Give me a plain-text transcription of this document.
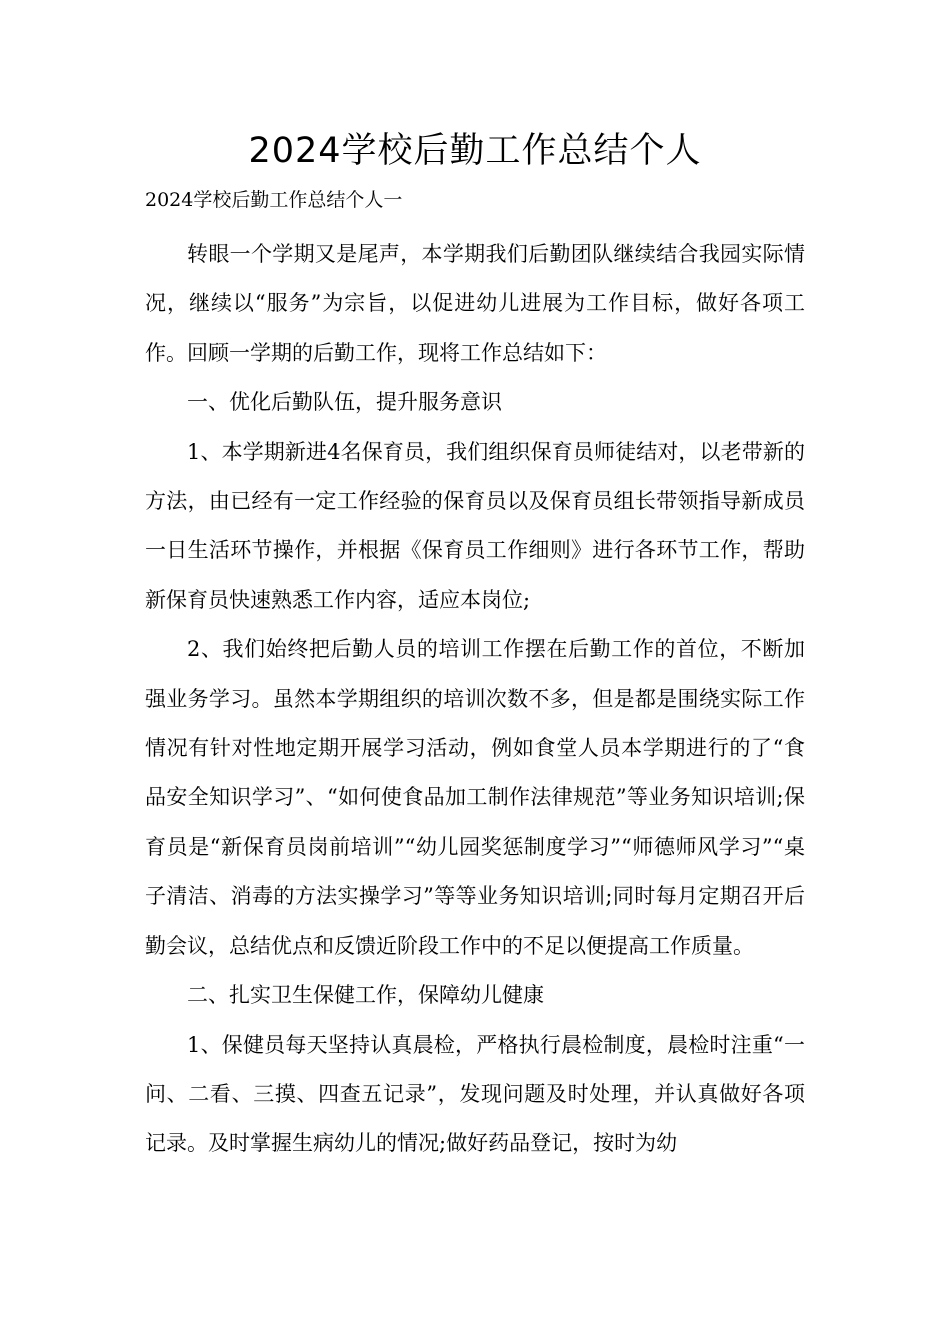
2024学校后勤工作总结个人

2024学校后勤工作总结个人一

转眼一个学期又是尾声，本学期我们后勤团队继续结合我园实际情况，继续以“服务”为宗旨，以促进幼儿进展为工作目标，做好各项工作。回顾一学期的后勤工作，现将工作总结如下：

一、优化后勤队伍，提升服务意识

1、本学期新进4名保育员，我们组织保育员师徒结对，以老带新的方法，由已经有一定工作经验的保育员以及保育员组长带领指导新成员一日生活环节操作，并根据《保育员工作细则》进行各环节工作，帮助新保育员快速熟悉工作内容，适应本岗位;

2、我们始终把后勤人员的培训工作摆在后勤工作的首位，不断加强业务学习。虽然本学期组织的培训次数不多，但是都是围绕实际工作情况有针对性地定期开展学习活动，例如食堂人员本学期进行的了“食品安全知识学习”、“如何使食品加工制作法律规范”等业务知识培训;保育员是“新保育员岗前培训”“幼儿园奖惩制度学习”“师德师风学习”“桌子清洁、消毒的方法实操学习”等等业务知识培训;同时每月定期召开后勤会议，总结优点和反馈近阶段工作中的不足以便提高工作质量。

二、扎实卫生保健工作，保障幼儿健康

1、保健员每天坚持认真晨检，严格执行晨检制度，晨检时注重“一问、二看、三摸、四查五记录”，发现问题及时处理，并认真做好各项记录。及时掌握生病幼儿的情况;做好药品登记，按时为幼
